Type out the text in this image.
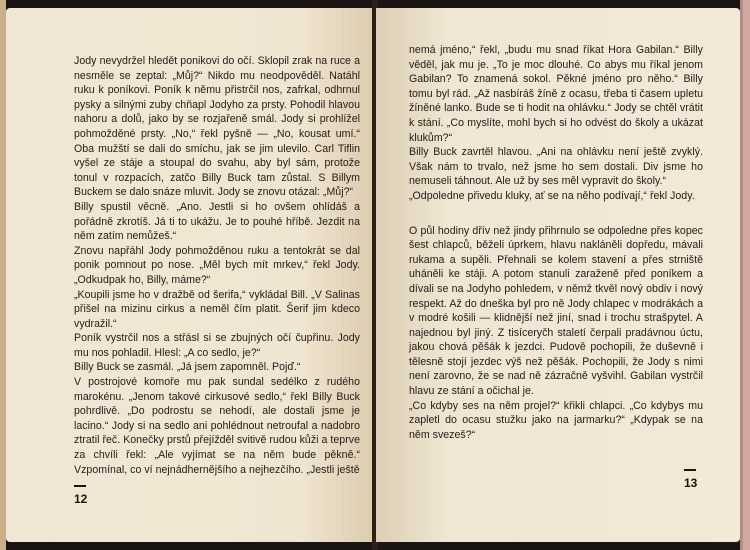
Jody nevydržel hledět ponikovi do očí. Sklopil zrak na ruce a nesměle se zeptal: „Můj?“ Nikdo mu neodpověděl. Natáhl ruku k poníkovi. Poník k němu přistrčil nos, zafrkal, odhrnul pysky a silnými zuby chňapl Jodyho za prsty. Pohodil hlavou nahoru a dolů, jako by se rozjařeně smál. Jody si prohlížel pohmožděné prsty. „No,“ řekl pyšně — „No, kousat umí.“ Oba mužští se dali do smíchu, jak se jim ulevilo. Carl Tiflin vyšel ze stáje a stoupal do svahu, aby byl sám, protože tonul v rozpacích, zatčo Billy Buck tam zůstal. S Billym Buckem se dalo snáze mluvit. Jody se znovu otázal: „Můj?“

Billy spustil věcně. „Ano. Jestli si ho ovšem ohlídáš a pořádně zkrotíš. Já ti to ukážu. Je to pouhé hříbě. Jezdit na něm zatím nemůžeš.“

Znovu napřáhl Jody pohmožděnou ruku a tentokrát se dal ponik pomnout po nose. „Měl bych mít mrkev,“ řekl Jody. „Odkudpak ho, Billy, máme?“

„Koupili jsme ho v dražbě od šerifa,“ vykládal Bill. „V Salinas přišel na mizinu cirkus a neměl čím platit. Šerif jim kdeco vydražil.“

Poník vystrčil nos a střásl si se zbujných očí čupřinu. Jody mu nos pohladil. Hlesl: „A co sedlo, je?“

Billy Buck se zasmál. „Já jsem zapomněl. Pojď.“

V postrojové komoře mu pak sundal sedélko z rudého marokénu. „Jenom takové cirkusové sedlo,“ řekl Billy Buck pohrdlivě. „Do podrostu se nehodí, ale dostali jsme je lacino.“ Jody si na sedlo ani pohlédnout netroufal a nadobro ztratil řeč. Konečky prstů přejížděl svitivě rudou kůži a teprve za chvíli řekl: „Ale vyjímat se na něm bude pěkně.“ Vzpomínal, co ví nejnádhernějšího a nejhezčího. „Jestli ještě

12

nemá jméno,“ řekl, „budu mu snad říkat Hora Gabilan.“ Billy věděl, jak mu je. „To je moc dlouhé. Co abys mu říkal jenom Gabilan? To znamená sokol. Pěkné jméno pro něho.“ Billy tomu byl rád. „Až nasbíráš žíně z ocasu, třeba ti časem upletu žíněné lanko. Bude se ti hodit na ohlávku.“ Jody se chtěl vrátit k stání. „Co myslíte, mohl bych si ho odvést do školy a ukázat klukům?“

Billy Buck zavrtěl hlavou. „Ani na ohlávku není ještě zvyklý. Však nám to trvalo, než jsme ho sem dostali. Div jsme ho nemuseli táhnout. Ale už by ses měl vypravit do školy.“

„Odpoledne přivedu kluky, ať se na něho podívají,“ řekl Jody.

O půl hodiny dřív než jindy přihrnulo se odpoledne přes kopec šest chlapců, běželi úprkem, hlavu nakláněli dopředu, mávali rukama a supěli. Přehnali se kolem stavení a přes strniště uháněli ke stáji. A potom stanuli zaraženě před poníkem a dívali se na Jodyho pohledem, v němž tkvěl nový obdiv i nový respekt. Až do dneška byl pro ně Jody chlapec v modrákách a v modré košili — klidnější než jiní, snad i trochu strašpytel. A najednou byl jiný. Z tisíceryčh staletí čerpali pradávnou úctu, jakou chová pěšák k jezdci. Pudově pochopili, že duševně i tělesně stojí jezdec výš než pěšák. Pochopili, že Jody s nimi není zarovno, že se nad ně zázračně vyšvihl. Gabilan vystrčil hlavu ze stání a očichal je.

„Co kdyby ses na něm projel?“ křikli chlapci. „Co kdybys mu zapletl do ocasu stužku jako na jarmarku?“ „Kdypak se na něm svezeš?“

13
